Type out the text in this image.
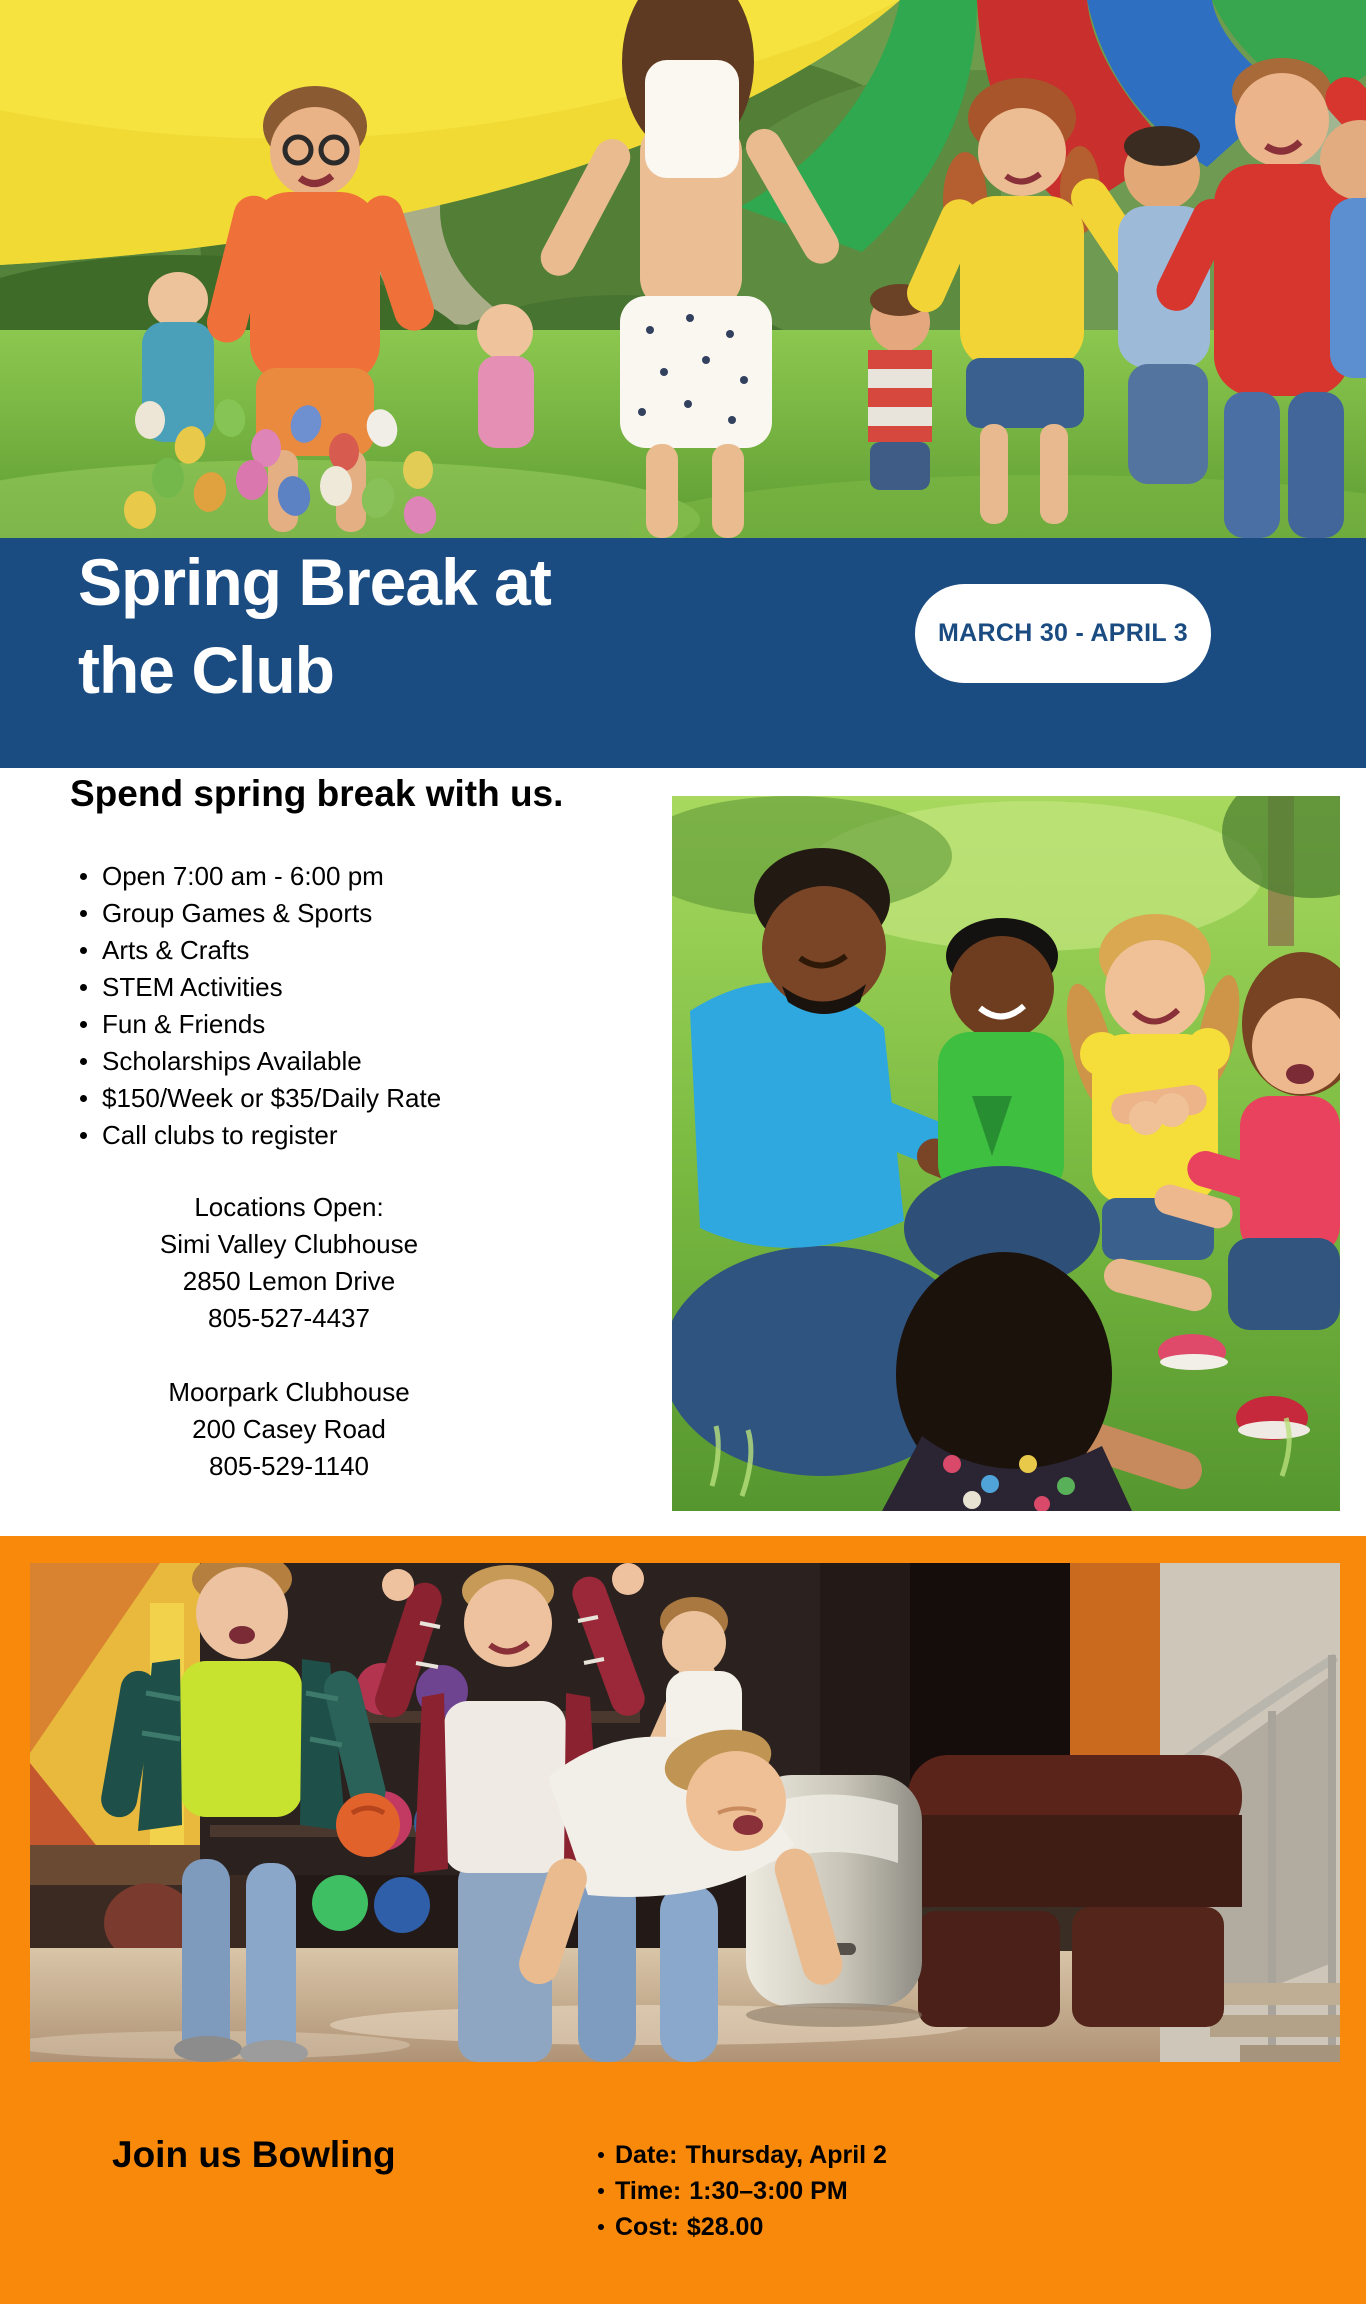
Spring Break at
the Club	MARCH 30 - APRIL 3
Spend spring break with us.
Open 7:00 am - 6:00 pm
Group Games & Sports
Arts & Crafts
STEM Activities
Fun & Friends
Scholarships Available
$150/Week or $35/Daily Rate
Call clubs to register
Locations Open:
Simi Valley Clubhouse
2850 Lemon Drive
805-527-4437
Moorpark Clubhouse
200 Casey Road
805-529-1140
Join us Bowling	Date: Thursday, April 2
Time: 1:30–3:00 PM
Cost: $28.00
